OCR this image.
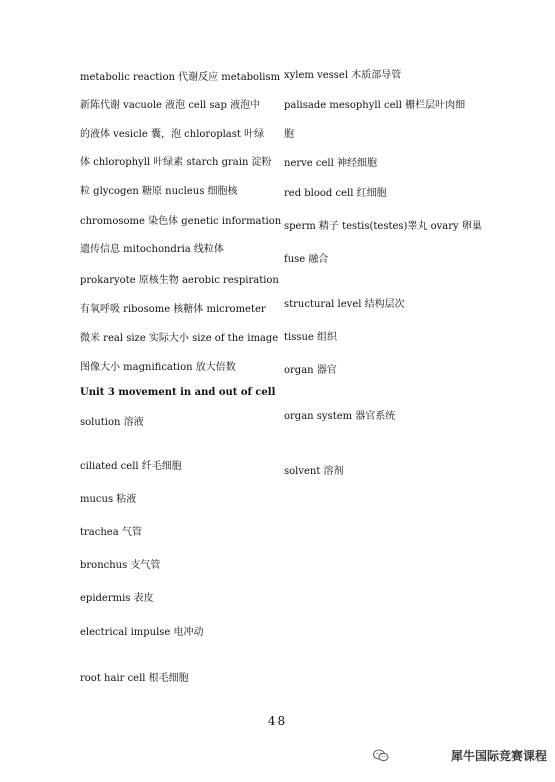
metabolic reaction 代谢反应 metabolism
新陈代谢 vacuole 液泡 cell sap 液泡中
的液体 vesicle 囊，泡 chloroplast 叶绿
体 chlorophyll 叶绿素 starch grain 淀粉
粒 glycogen 糖原 nucleus 细胞核
chromosome 染色体 genetic information
遗传信息 mitochondria 线粒体
prokaryote 原核生物 aerobic respiration
有氧呼吸 ribosome 核糖体 micrometer
微米 real size 实际大小 size of the image
图像大小 magnification 放大倍数
Unit 3 movement in and out of cell
solution 溶液
ciliated cell 纤毛细胞
mucus 粘液
trachea 气管
bronchus 支气管
epidermis 表皮
electrical impulse 电冲动
root hair cell 根毛细胞
xylem vessel 木质部导管
palisade mesophyll cell 栅栏层叶肉细
胞
nerve cell 神经细胞
red blood cell 红细胞
sperm 精子 testis(testes)睾丸 ovary 卵巢
fuse 融合
structural level 结构层次
tissue 组织
organ 器官
organ system 器官系统
solvent 溶剂
48
犀牛国际竞赛课程
